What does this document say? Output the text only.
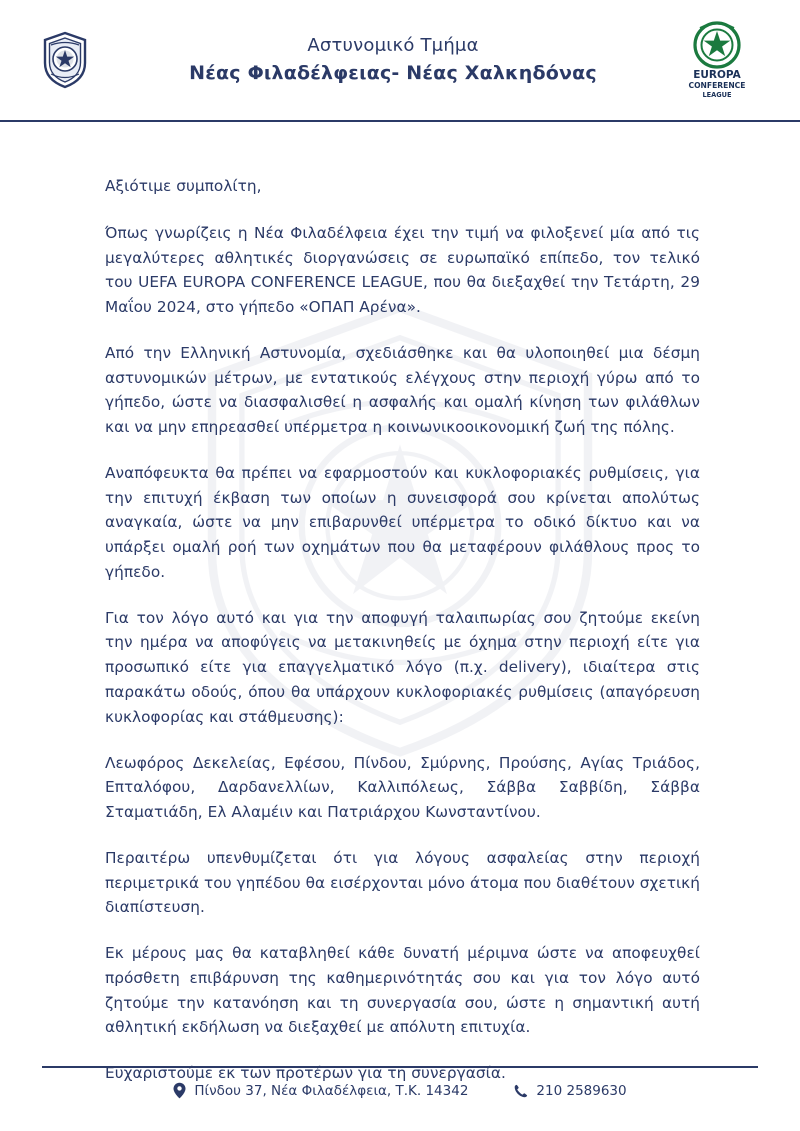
Αστυνομικό Τμήμα
Νέας Φιλαδέλφειας- Νέας Χαλκηδόνας	EUROPA
CONFERENCE
LEAGUE

Αξιότιμε συμπολίτη,

Όπως γνωρίζεις η Νέα Φιλαδέλφεια έχει την τιμή να φιλοξενεί μία από τις μεγαλύτερες αθλητικές διοργανώσεις σε ευρωπαϊκό επίπεδο, τον τελικό του UEFA EUROPA CONFERENCE LEAGUE, που θα διεξαχθεί την Τετάρτη, 29 Μαΐου 2024, στο γήπεδο «ΟΠΑΠ Αρένα».

Από την Ελληνική Αστυνομία, σχεδιάσθηκε και θα υλοποιηθεί μια δέσμη αστυνομικών μέτρων, με εντατικούς ελέγχους στην περιοχή γύρω από το γήπεδο, ώστε να διασφαλισθεί η ασφαλής και ομαλή κίνηση των φιλάθλων και να μην επηρεασθεί υπέρμετρα η κοινωνικοοικονομική ζωή της πόλης.

Αναπόφευκτα θα πρέπει να εφαρμοστούν και κυκλοφοριακές ρυθμίσεις, για την επιτυχή έκβαση των οποίων η συνεισφορά σου κρίνεται απολύτως αναγκαία, ώστε να μην επιβαρυνθεί υπέρμετρα το οδικό δίκτυο και να υπάρξει ομαλή ροή των οχημάτων που θα μεταφέρουν φιλάθλους προς το γήπεδο.

Για τον λόγο αυτό και για την αποφυγή ταλαιπωρίας σου ζητούμε εκείνη την ημέρα να αποφύγεις να μετακινηθείς με όχημα στην περιοχή είτε για προσωπικό είτε για επαγγελματικό λόγο (π.χ. delivery), ιδιαίτερα στις παρακάτω οδούς, όπου θα υπάρχουν κυκλοφοριακές ρυθμίσεις (απαγόρευση κυκλοφορίας και στάθμευσης):

Λεωφόρος Δεκελείας, Εφέσου, Πίνδου, Σμύρνης, Προύσης, Αγίας Τριάδος, Επταλόφου, Δαρδανελλίων, Καλλιπόλεως, Σάββα Σαββίδη, Σάββα Σταματιάδη, Ελ Αλαμέιν και Πατριάρχου Κωνσταντίνου.

Περαιτέρω υπενθυμίζεται ότι για λόγους ασφαλείας στην περιοχή περιμετρικά του γηπέδου θα εισέρχονται μόνο άτομα που διαθέτουν σχετική διαπίστευση.

Εκ μέρους μας θα καταβληθεί κάθε δυνατή μέριμνα ώστε να αποφευχθεί πρόσθετη επιβάρυνση της καθημερινότητάς σου και για τον λόγο αυτό ζητούμε την κατανόηση και τη συνεργασία σου, ώστε η σημαντική αυτή αθλητική εκδήλωση να διεξαχθεί με απόλυτη επιτυχία.

Ευχαριστούμε εκ των προτέρων για τη συνεργασία.

Πίνδου 37, Νέα Φιλαδέλφεια, Τ.Κ. 14342	210 2589630
